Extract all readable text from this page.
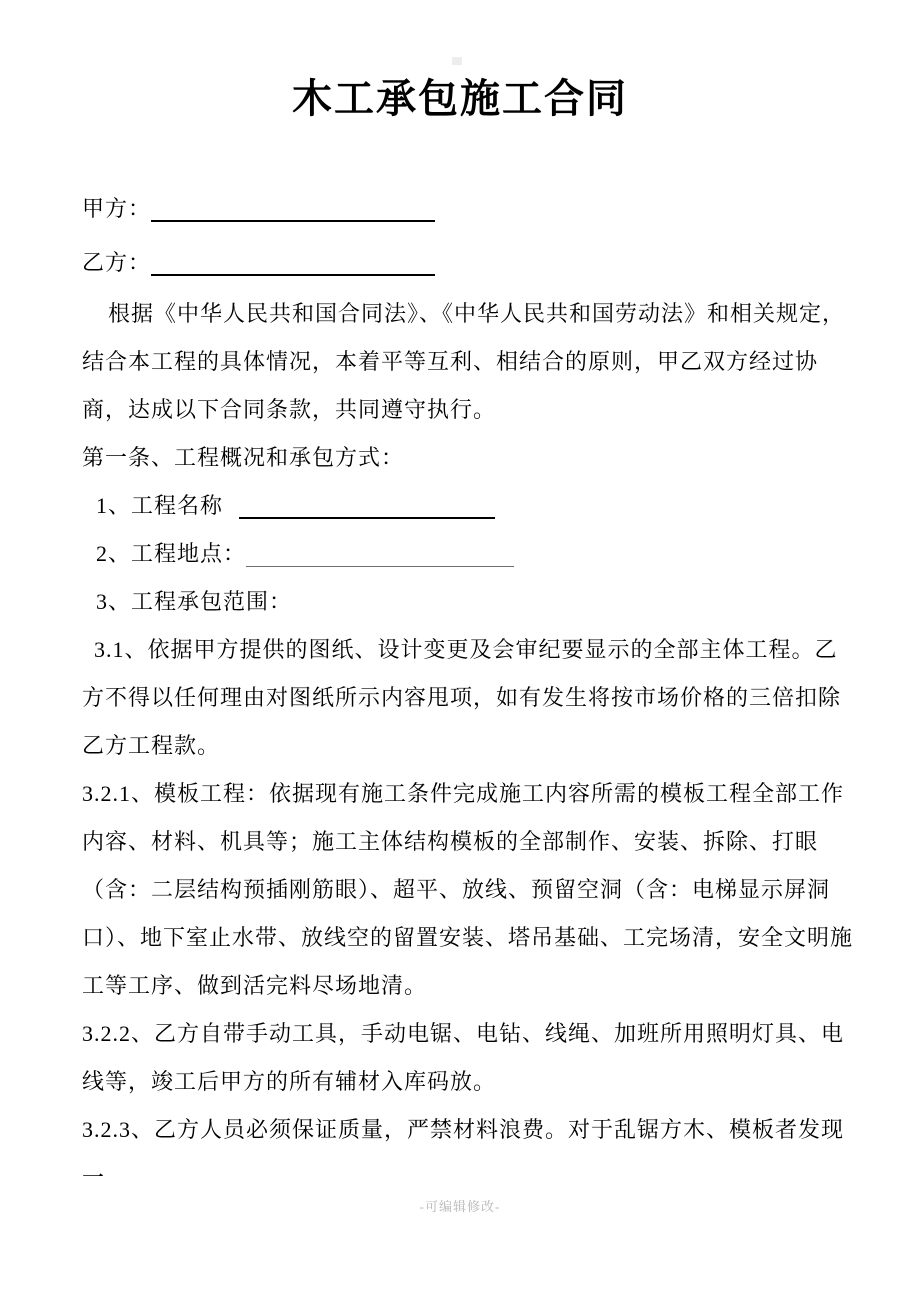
木工承包施工合同
甲方：
乙方：

根据《中华人民共和国合同法》、《中华人民共和国劳动法》和相关规定，结合本工程的具体情况，本着平等互利、相结合的原则，甲乙双方经过协商，达成以下合同条款，共同遵守执行。

第一条、工程概况和承包方式：

1、工程名称
2、工程地点：
3、工程承包范围：

3.1、依据甲方提供的图纸、设计变更及会审纪要显示的全部主体工程。乙方不得以任何理由对图纸所示内容甩项，如有发生将按市场价格的三倍扣除乙方工程款。

3.2.1、模板工程：依据现有施工条件完成施工内容所需的模板工程全部工作内容、材料、机具等；施工主体结构模板的全部制作、安装、拆除、打眼（含：二层结构预插刚筋眼）、超平、放线、预留空洞（含：电梯显示屏洞口）、地下室止水带、放线空的留置安装、塔吊基础、工完场清，安全文明施工等工序、做到活完料尽场地清。

3.2.2、乙方自带手动工具，手动电锯、电钻、线绳、加班所用照明灯具、电线等，竣工后甲方的所有辅材入库码放。

3.2.3、乙方人员必须保证质量，严禁材料浪费。对于乱锯方木、模板者发现一

-可编辑修改-
